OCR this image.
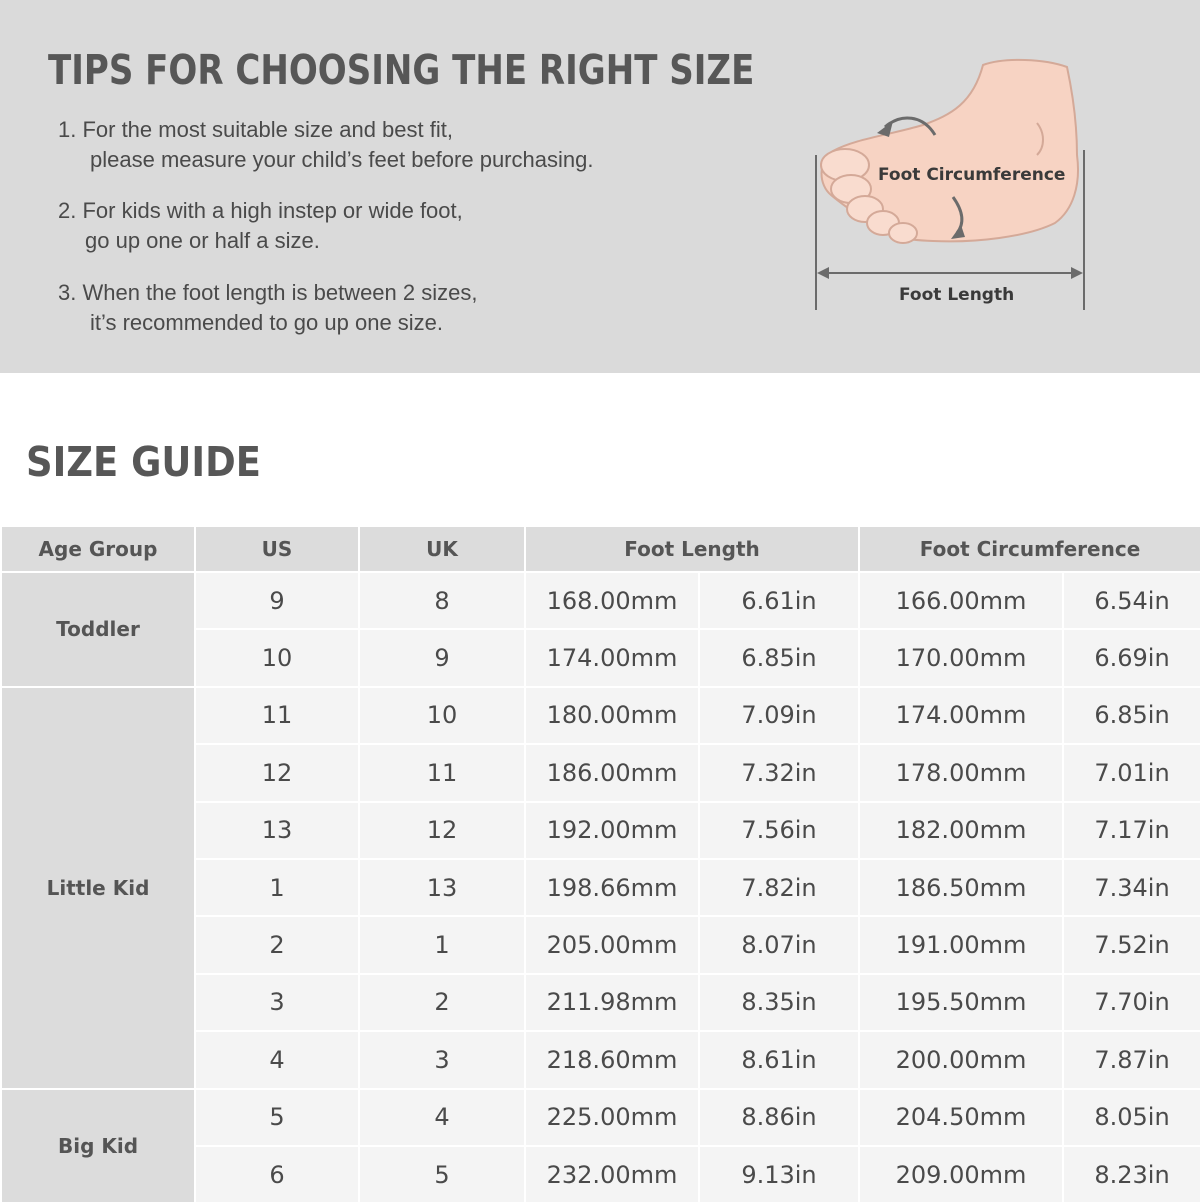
TIPS FOR CHOOSING THE RIGHT SIZE
1. For the most suitable size and best fit,
please measure your child’s feet before purchasing.
2. For kids with a high instep or wide foot,
go up one or half a size.
3. When the foot length is between 2 sizes,
it’s recommended to go up one size.
Foot Circumference
Foot Length
SIZE GUIDE
Age Group	US	UK	Foot Length		Foot Circumference	
Toddler	9	8	168.00mm	6.61in	166.00mm	6.54in
	10	9	174.00mm	6.85in	170.00mm	6.69in
Little Kid	11	10	180.00mm	7.09in	174.00mm	6.85in
	12	11	186.00mm	7.32in	178.00mm	7.01in
	13	12	192.00mm	7.56in	182.00mm	7.17in
	1	13	198.66mm	7.82in	186.50mm	7.34in
	2	1	205.00mm	8.07in	191.00mm	7.52in
	3	2	211.98mm	8.35in	195.50mm	7.70in
	4	3	218.60mm	8.61in	200.00mm	7.87in
Big Kid	5	4	225.00mm	8.86in	204.50mm	8.05in
	6	5	232.00mm	9.13in	209.00mm	8.23in
